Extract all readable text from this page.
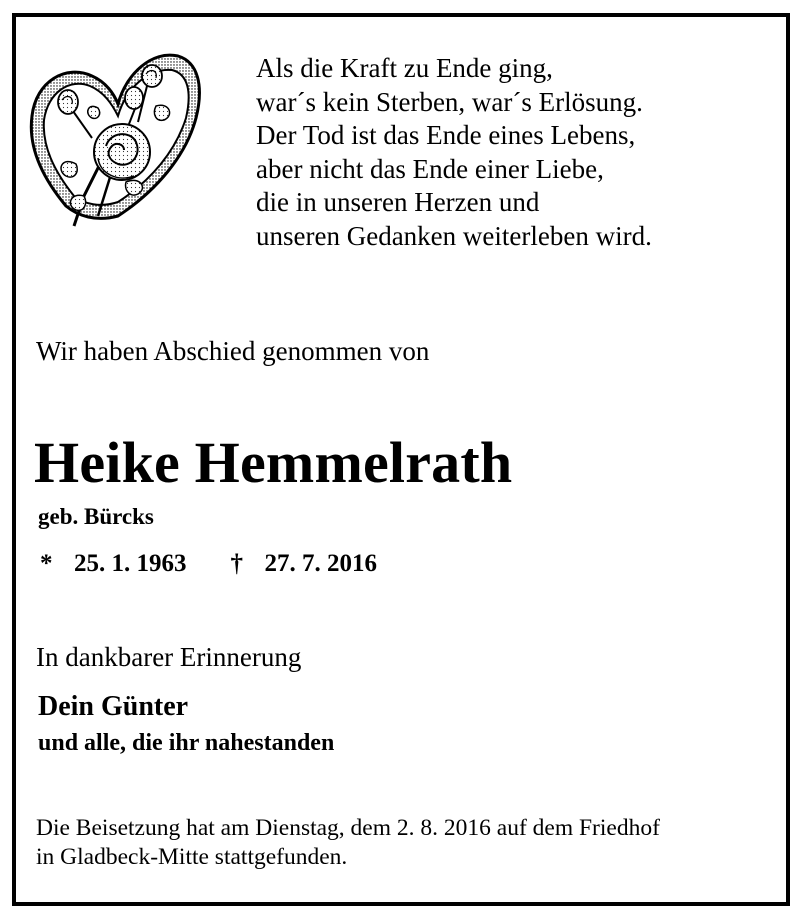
Als die Kraft zu Ende ging,
war´s kein Sterben, war´s Erlösung.
Der Tod ist das Ende eines Lebens,
aber nicht das Ende einer Liebe,
die in unseren Herzen und
unseren Gedanken weiterleben wird.
Wir haben Abschied genommen von
Heike Hemmelrath
geb. Bürcks
* 25. 1. 1963 † 27. 7. 2016
In dankbarer Erinnerung
Dein Günter
und alle, die ihr nahestanden
Die Beisetzung hat am Dienstag, dem 2. 8. 2016 auf dem Friedhof
in Gladbeck-Mitte stattgefunden.
